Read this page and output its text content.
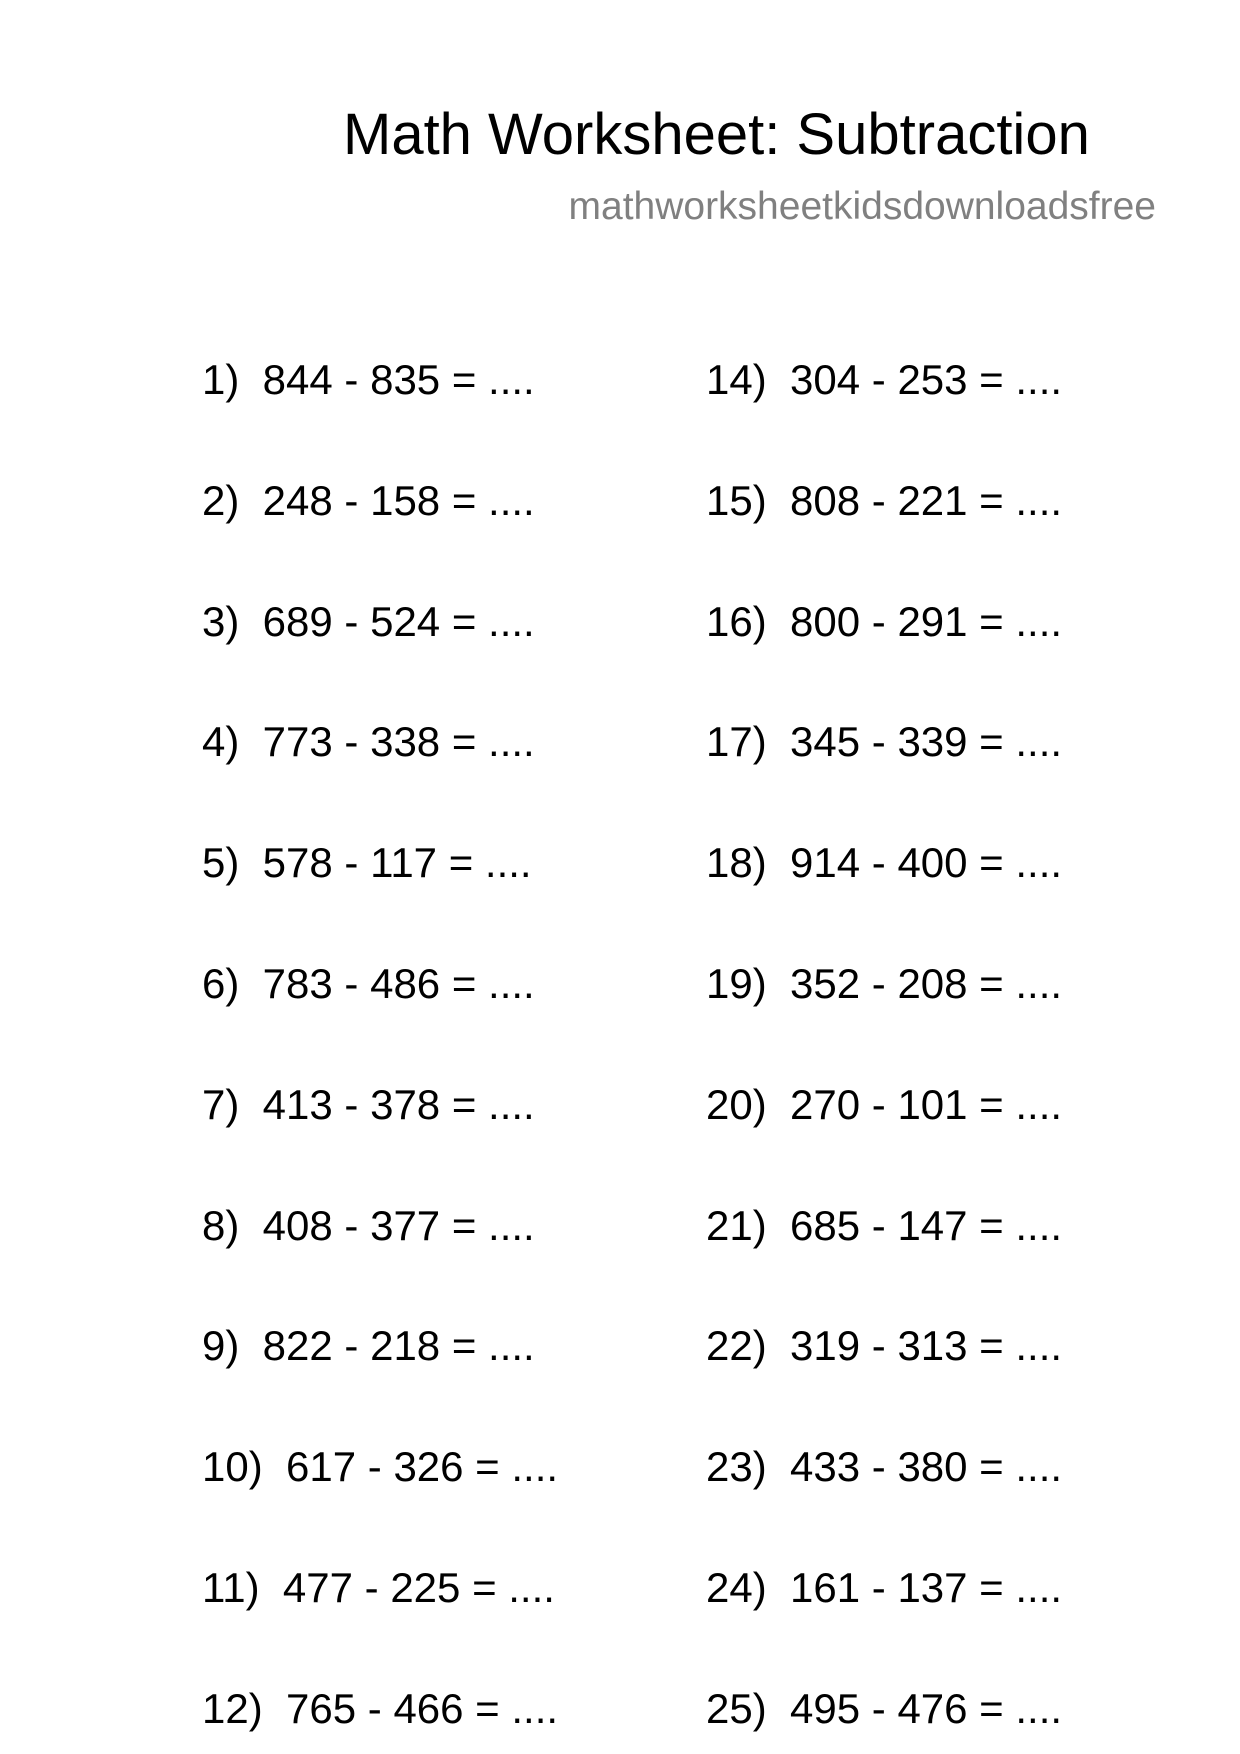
Math Worksheet: Subtraction
mathworksheetkidsdownloadsfree
1)  844 - 835 = ....
2)  248 - 158 = ....
3)  689 - 524 = ....
4)  773 - 338 = ....
5)  578 - 117 = ....
6)  783 - 486 = ....
7)  413 - 378 = ....
8)  408 - 377 = ....
9)  822 - 218 = ....
10)  617 - 326 = ....
11)  477 - 225 = ....
12)  765 - 466 = ....
14)  304 - 253 = ....
15)  808 - 221 = ....
16)  800 - 291 = ....
17)  345 - 339 = ....
18)  914 - 400 = ....
19)  352 - 208 = ....
20)  270 - 101 = ....
21)  685 - 147 = ....
22)  319 - 313 = ....
23)  433 - 380 = ....
24)  161 - 137 = ....
25)  495 - 476 = ....
